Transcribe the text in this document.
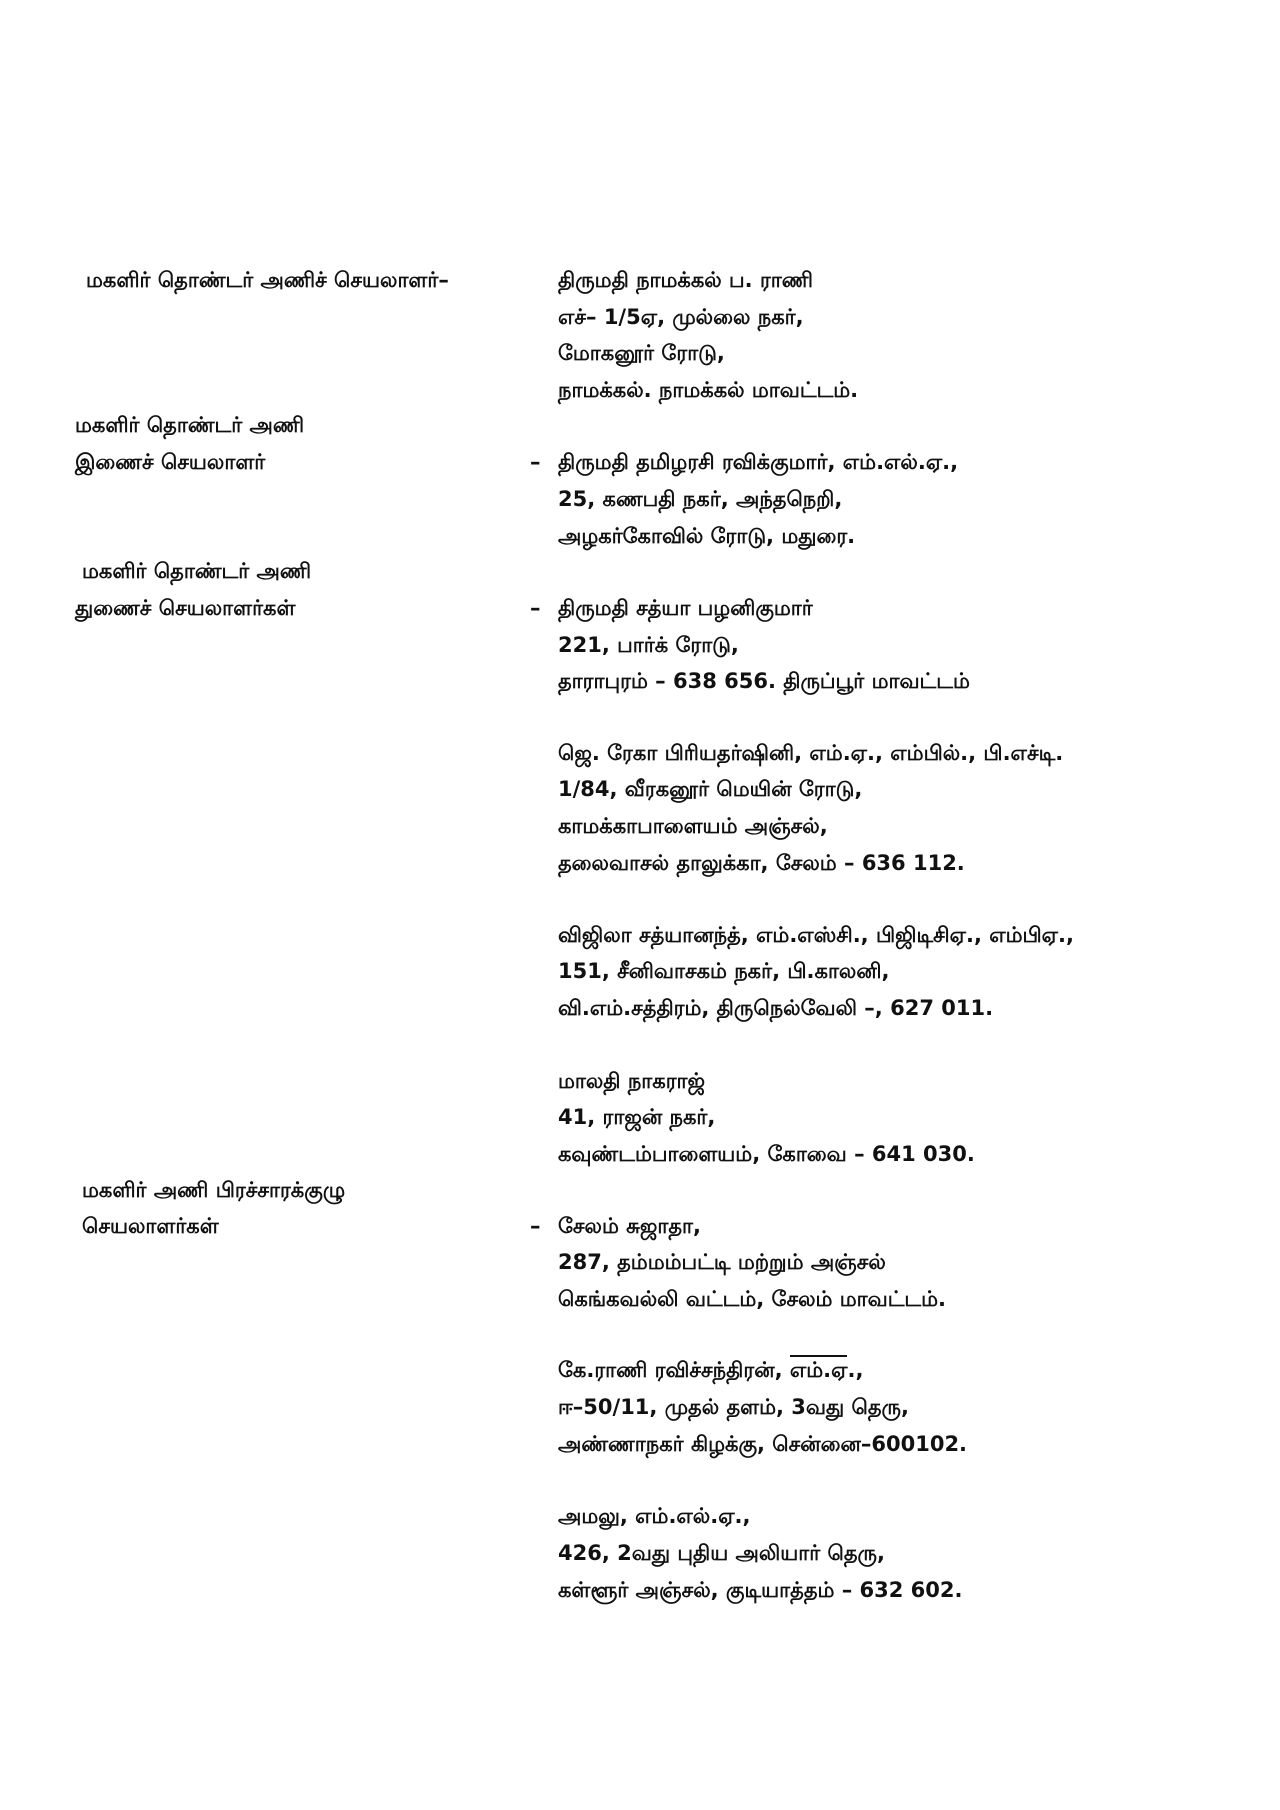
மகளிர் தொண்டர் அணிச் செயலாளர்–	திருமதி நாமக்கல் ப. ராணி
எச்– 1/5ஏ, முல்லை நகர்,
மோகனூர் ரோடு,
நாமக்கல். நாமக்கல் மாவட்டம்.
மகளிர் தொண்டர் அணி
இணைச் செயலாளர்	– திருமதி தமிழரசி ரவிக்குமார், எம்.எல்.ஏ.,
25, கணபதி நகர், அந்தநெறி,
அழகர்கோவில் ரோடு, மதுரை.
மகளிர் தொண்டர் அணி
துணைச் செயலாளர்கள்	– திருமதி சத்யா பழனிகுமார்
221, பார்க் ரோடு,
தாராபுரம் – 638 656. திருப்பூர் மாவட்டம்
ஜெ. ரேகா பிரியதர்ஷினி, எம்.ஏ., எம்பில்., பி.எச்டி.
1/84, வீரகனூர் மெயின் ரோடு,
காமக்காபாளையம் அஞ்சல்,
தலைவாசல் தாலுக்கா, சேலம் – 636 112.
விஜிலா சத்யானந்த், எம்.எஸ்சி., பிஜிடிசிஏ., எம்பிஏ.,
151, சீனிவாசகம் நகர், பி.காலனி,
வி.எம்.சத்திரம், திருநெல்வேலி –, 627 011.
மாலதி நாகராஜ்
41, ராஜன் நகர்,
கவுண்டம்பாளையம், கோவை – 641 030.
மகளிர் அணி பிரச்சாரக்குழு
செயலாளர்கள்	– சேலம் சுஜாதா,
287, தம்மம்பட்டி மற்றும் அஞ்சல்
கெங்கவல்லி வட்டம், சேலம் மாவட்டம்.
கே.ராணி ரவிச்சந்திரன், எம்.ஏ.,
ஈ–50/11, முதல் தளம், 3வது தெரு,
அண்ணாநகர் கிழக்கு, சென்னை–600102.
அமலு, எம்.எல்.ஏ.,
426, 2வது புதிய அலியார் தெரு,
கள்ளூர் அஞ்சல், குடியாத்தம் – 632 602.
